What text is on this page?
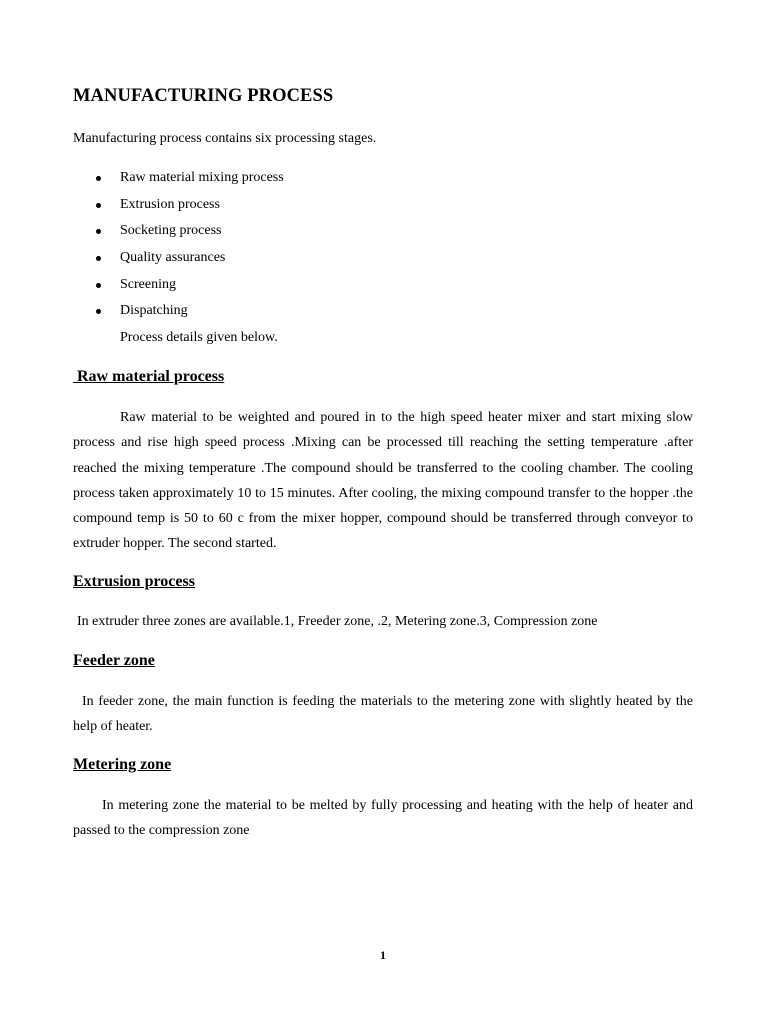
MANUFACTURING PROCESS

Manufacturing process contains six processing stages.

Raw material mixing process
Extrusion process
Socketing process
Quality assurances
Screening
Dispatching

Process details given below.

Raw material process

Raw material to be weighted and poured in to the high speed heater mixer and start mixing slow process and rise high speed process .Mixing can be processed till reaching the setting temperature .after reached the mixing temperature .The compound should be transferred to the cooling chamber. The cooling process taken approximately 10 to 15 minutes. After cooling, the mixing compound transfer to the hopper .the compound temp is 50 to 60 c from the mixer hopper, compound should be transferred through conveyor to extruder hopper. The second started.

Extrusion process

In extruder three zones are available.1, Freeder zone, .2, Metering zone.3, Compression zone

Feeder zone

In feeder zone, the main function is feeding the materials to the metering zone with slightly heated by the help of heater.

Metering zone

In metering zone the material to be melted by fully processing and heating with the help of heater and passed to the compression zone

1
